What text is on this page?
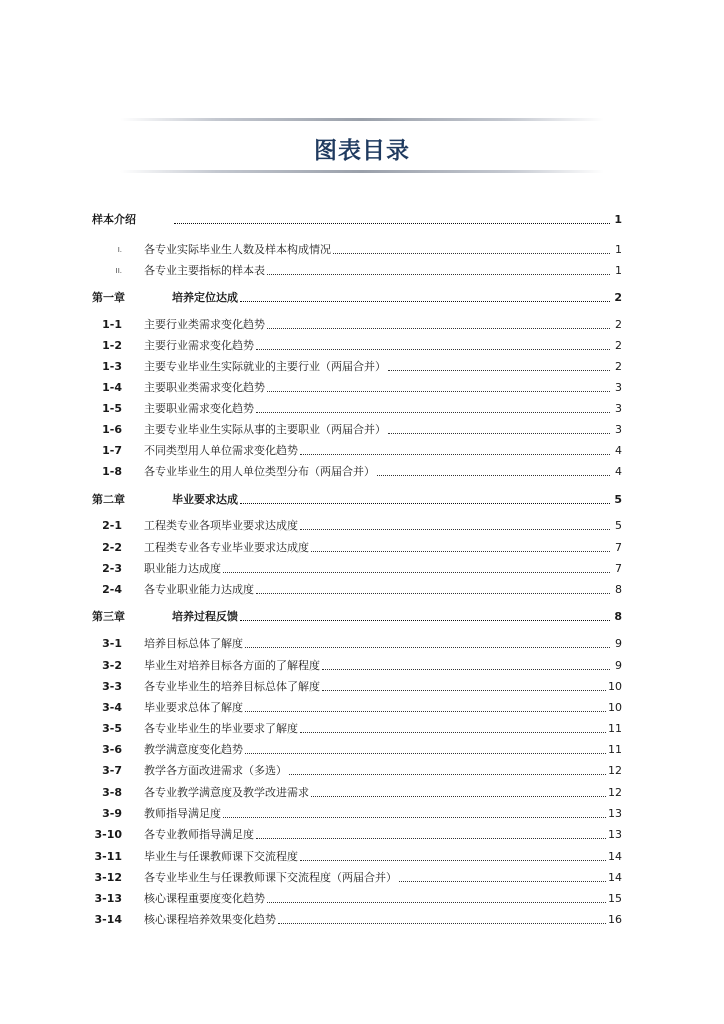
图表目录
样本介绍	1
I.	各专业实际毕业生人数及样本构成情况	1
II.	各专业主要指标的样本表	1
第一章	培养定位达成	2
1-1	主要行业类需求变化趋势	2
1-2	主要行业需求变化趋势	2
1-3	主要专业毕业生实际就业的主要行业（两届合并）	2
1-4	主要职业类需求变化趋势	3
1-5	主要职业需求变化趋势	3
1-6	主要专业毕业生实际从事的主要职业（两届合并）	3
1-7	不同类型用人单位需求变化趋势	4
1-8	各专业毕业生的用人单位类型分布（两届合并）	4
第二章	毕业要求达成	5
2-1	工程类专业各项毕业要求达成度	5
2-2	工程类专业各专业毕业要求达成度	7
2-3	职业能力达成度	7
2-4	各专业职业能力达成度	8
第三章	培养过程反馈	8
3-1	培养目标总体了解度	9
3-2	毕业生对培养目标各方面的了解程度	9
3-3	各专业毕业生的培养目标总体了解度	10
3-4	毕业要求总体了解度	10
3-5	各专业毕业生的毕业要求了解度	11
3-6	教学满意度变化趋势	11
3-7	教学各方面改进需求（多选）	12
3-8	各专业教学满意度及教学改进需求	12
3-9	教师指导满足度	13
3-10	各专业教师指导满足度	13
3-11	毕业生与任课教师课下交流程度	14
3-12	各专业毕业生与任课教师课下交流程度（两届合并）	14
3-13	核心课程重要度变化趋势	15
3-14	核心课程培养效果变化趋势	16
